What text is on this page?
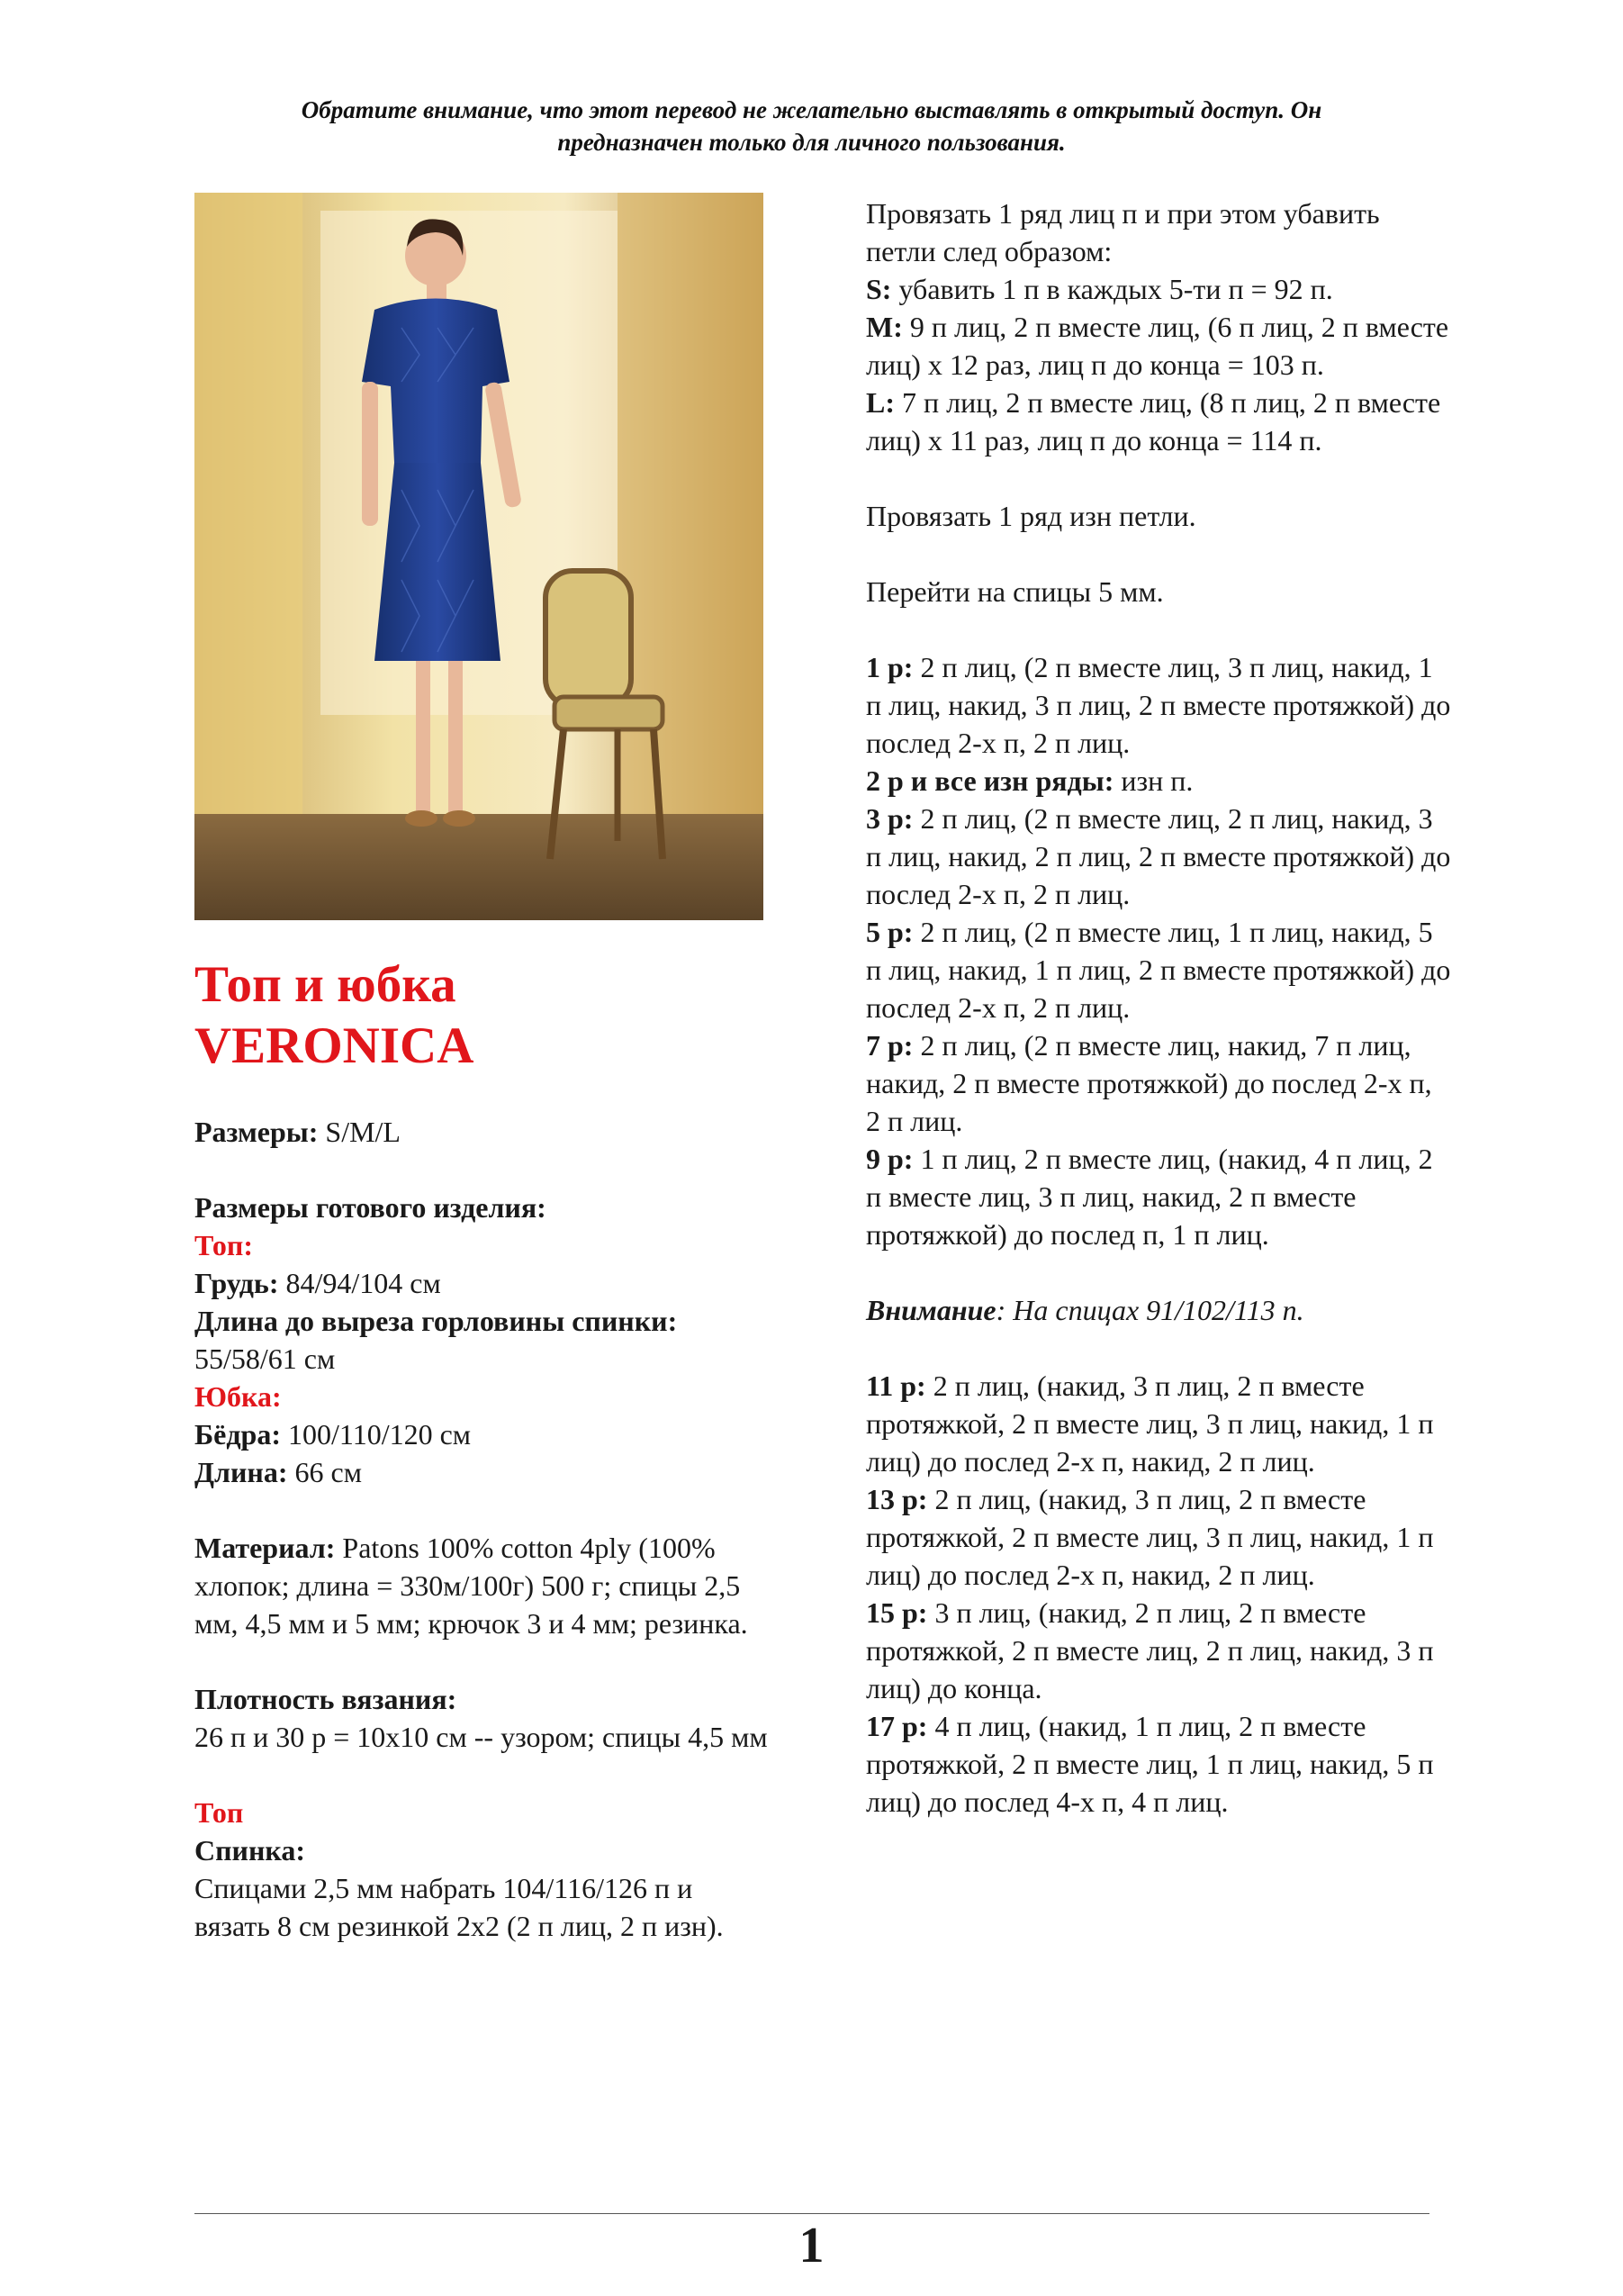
Обратите внимание, что этот перевод не желательно выставлять в открытый доступ. Он
предназначен только для личного пользования.
Топ и юбка
VERONICA

Размеры: S/M/L

Размеры готового изделия:

Топ:

Грудь: 84/94/104 см

Длина до выреза горловины спинки:

55/58/61 см

Юбка:

Бёдра: 100/110/120 см

Длина: 66 см

Материал: Patons 100% cotton 4ply (100% хлопок; длина = 330м/100г) 500 г; спицы 2,5 мм, 4,5 мм и 5 мм; крючок 3 и 4 мм; резинка.

Плотность вязания:

26 п и 30 р = 10х10 см -- узором; спицы 4,5 мм

Топ

Спинка:

Спицами 2,5 мм набрать 104/116/126 п и вязать 8 см резинкой 2х2 (2 п лиц, 2 п изн).

Провязать 1 ряд лиц п и при этом убавить петли след образом:

S: убавить 1 п в каждых 5-ти п = 92 п.

M: 9 п лиц, 2 п вместе лиц, (6 п лиц, 2 п вместе лиц) х 12 раз, лиц п до конца = 103 п.

L: 7 п лиц, 2 п вместе лиц, (8 п лиц, 2 п вместе лиц) х 11 раз, лиц п до конца = 114 п.

Провязать 1 ряд изн петли.

Перейти на спицы 5 мм.

1 р: 2 п лиц, (2 п вместе лиц, 3 п лиц, накид, 1 п лиц, накид, 3 п лиц, 2 п вместе протяжкой) до послед 2-х п, 2 п лиц.

2 р и все изн ряды: изн п.

3 р: 2 п лиц, (2 п вместе лиц, 2 п лиц, накид, 3 п лиц, накид, 2 п лиц, 2 п вместе протяжкой) до послед 2-х п, 2 п лиц.

5 р: 2 п лиц, (2 п вместе лиц, 1 п лиц, накид, 5 п лиц, накид, 1 п лиц, 2 п вместе протяжкой) до послед 2-х п, 2 п лиц.

7 р: 2 п лиц, (2 п вместе лиц, накид, 7 п лиц, накид, 2 п вместе протяжкой) до послед 2-х п, 2 п лиц.

9 р: 1 п лиц, 2 п вместе лиц, (накид, 4 п лиц, 2 п вместе лиц, 3 п лиц, накид, 2 п вместе протяжкой) до послед п, 1 п лиц.

Внимание: На спицах 91/102/113 п.

11 р: 2 п лиц, (накид, 3 п лиц, 2 п вместе протяжкой, 2 п вместе лиц, 3 п лиц, накид, 1 п лиц) до послед 2-х п, накид, 2 п лиц.

13 р: 2 п лиц, (накид, 3 п лиц, 2 п вместе протяжкой, 2 п вместе лиц, 3 п лиц, накид, 1 п лиц) до послед 2-х п, накид, 2 п лиц.

15 р: 3 п лиц, (накид, 2 п лиц, 2 п вместе протяжкой, 2 п вместе лиц, 2 п лиц, накид, 3 п лиц) до конца.

17 р: 4 п лиц, (накид, 1 п лиц, 2 п вместе протяжкой, 2 п вместе лиц, 1 п лиц, накид, 5 п лиц) до послед 4-х п, 4 п лиц.

1
